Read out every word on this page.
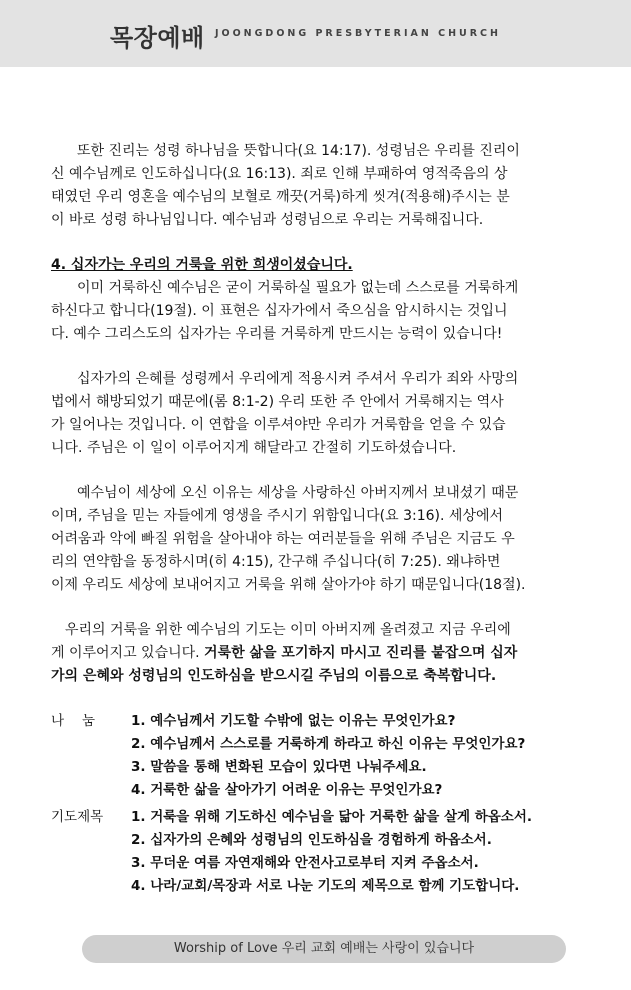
목장예배 JOONGDONG PRESBYTERIAN CHURCH

또한 진리는 성령 하나님을 뜻합니다(요 14:17). 성령님은 우리를 진리이
신 예수님께로 인도하십니다(요 16:13). 죄로 인해 부패하여 영적죽음의 상
태였던 우리 영혼을 예수님의 보혈로 깨끗(거룩)하게 씻겨(적용해)주시는 분
이 바로 성령 하나님입니다. 예수님과 성령님으로 우리는 거룩해집니다.

4. 십자가는 우리의 거룩을 위한 희생이셨습니다.

이미 거룩하신 예수님은 굳이 거룩하실 필요가 없는데 스스로를 거룩하게
하신다고 합니다(19절). 이 표현은 십자가에서 죽으심을 암시하시는 것입니
다. 예수 그리스도의 십자가는 우리를 거룩하게 만드시는 능력이 있습니다!

십자가의 은혜를 성령께서 우리에게 적용시켜 주셔서 우리가 죄와 사망의
법에서 해방되었기 때문에(롬 8:1-2) 우리 또한 주 안에서 거룩해지는 역사
가 일어나는 것입니다. 이 연합을 이루셔야만 우리가 거룩함을 얻을 수 있습
니다. 주님은 이 일이 이루어지게 해달라고 간절히 기도하셨습니다.

예수님이 세상에 오신 이유는 세상을 사랑하신 아버지께서 보내셨기 때문
이며, 주님을 믿는 자들에게 영생을 주시기 위함입니다(요 3:16). 세상에서
어려움과 악에 빠질 위험을 살아내야 하는 여러분들을 위해 주님은 지금도 우
리의 연약함을 동정하시며(히 4:15), 간구해 주십니다(히 7:25). 왜냐하면
이제 우리도 세상에 보내어지고 거룩을 위해 살아가야 하기 때문입니다(18절).

우리의 거룩을 위한 예수님의 기도는 이미 아버지께 올려졌고 지금 우리에
게 이루어지고 있습니다. 거룩한 삶을 포기하지 마시고 진리를 붙잡으며 십자
가의 은혜와 성령님의 인도하심을 받으시길 주님의 이름으로 축복합니다.

나눔	1. 예수님께서 기도할 수밖에 없는 이유는 무엇인가요?
2. 예수님께서 스스로를 거룩하게 하라고 하신 이유는 무엇인가요?
3. 말씀을 통해 변화된 모습이 있다면 나눠주세요.
4. 거룩한 삶을 살아가기 어려운 이유는 무엇인가요?
기도제목	1. 거룩을 위해 기도하신 예수님을 닮아 거룩한 삶을 살게 하옵소서.
2. 십자가의 은혜와 성령님의 인도하심을 경험하게 하옵소서.
3. 무더운 여름 자연재해와 안전사고로부터 지켜 주옵소서.
4. 나라/교회/목장과 서로 나눈 기도의 제목으로 함께 기도합니다.
Worship of Love 우리 교회 예배는 사랑이 있습니다
